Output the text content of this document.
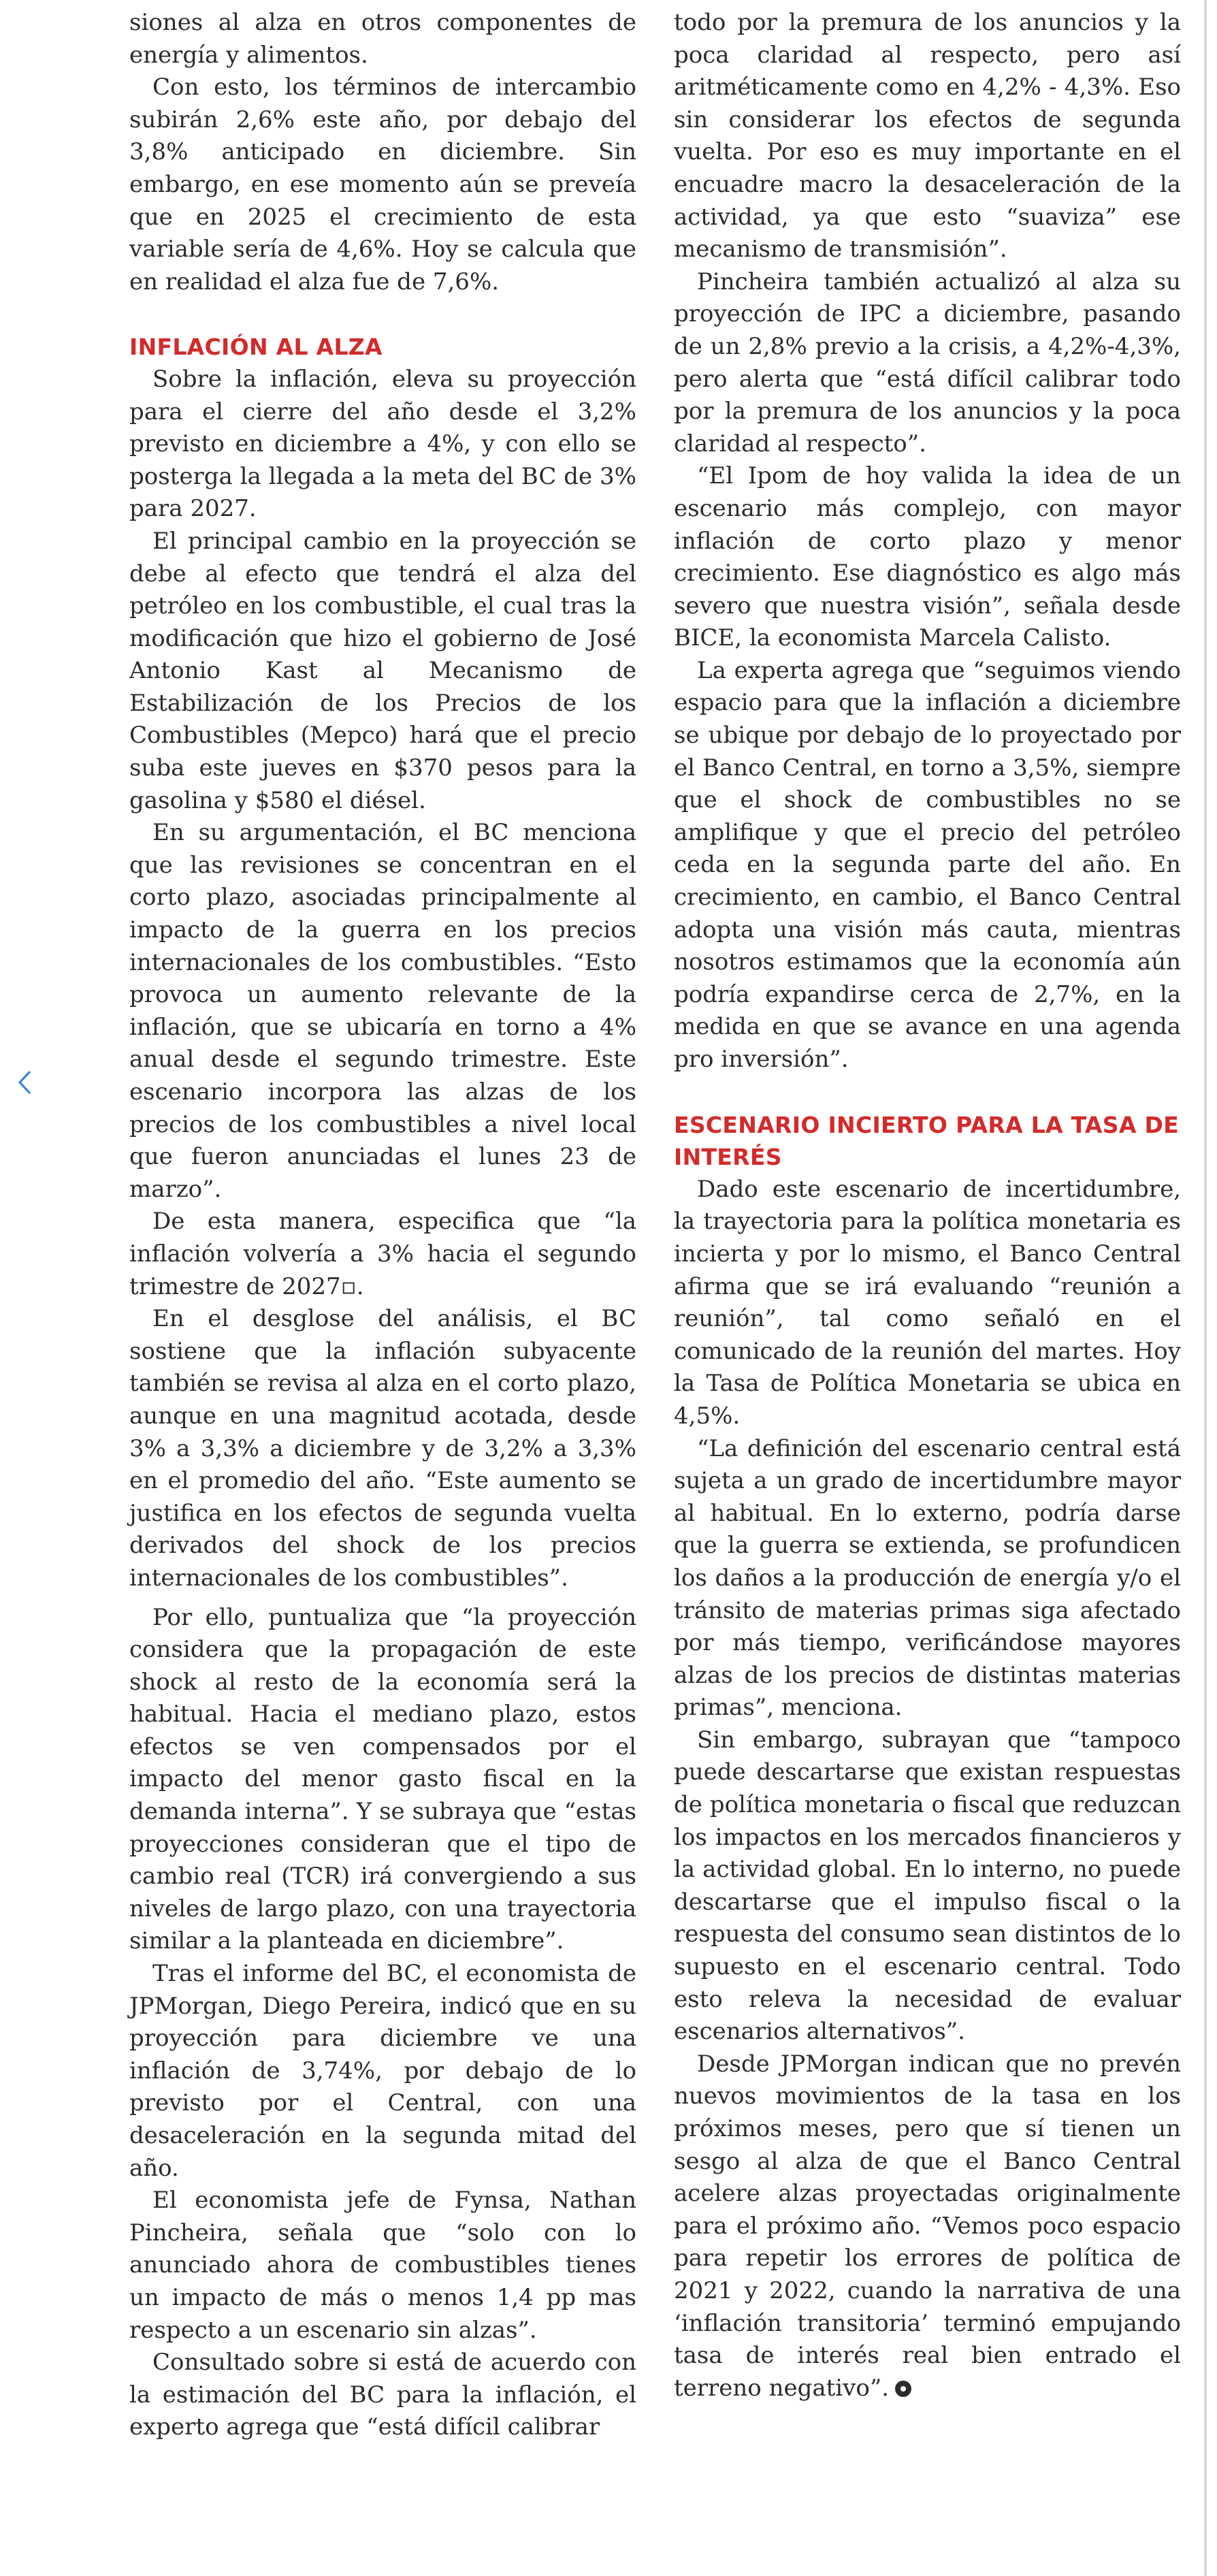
siones al alza en otros componentes de energía y alimentos.

Con esto, los términos de intercambio subirán 2,6% este año, por debajo del 3,8% anticipado en diciembre. Sin embargo, en ese momento aún se preveía que en 2025 el crecimiento de esta variable sería de 4,6%. Hoy se calcula que en realidad el alza fue de 7,6%.

INFLACIÓN AL ALZA

Sobre la inflación, eleva su proyección para el cierre del año desde el 3,2% previsto en diciembre a 4%, y con ello se posterga la llegada a la meta del BC de 3% para 2027.

El principal cambio en la proyección se debe al efecto que tendrá el alza del petróleo en los combustible, el cual tras la modificación que hizo el gobierno de José Antonio Kast al Mecanismo de Estabilización de los Precios de los Combustibles (Mepco) hará que el precio suba este jueves en $370 pesos para la gasolina y $580 el diésel.

En su argumentación, el BC menciona que las revisiones se concentran en el corto plazo, asociadas principalmente al impacto de la guerra en los precios internacionales de los combustibles. “Esto provoca un aumento relevante de la inflación, que se ubicaría en torno a 4% anual desde el segundo trimestre. Este escenario incorpora las alzas de los precios de los combustibles a nivel local que fueron anunciadas el lunes 23 de marzo”.

De esta manera, especifica que “la inflación volvería a 3% hacia el segundo trimestre de 2027▫.

En el desglose del análisis, el BC sostiene que la inflación subyacente también se revisa al alza en el corto plazo, aunque en una magnitud acotada, desde 3% a 3,3% a diciembre y de 3,2% a 3,3% en el promedio del año. “Este aumento se justifica en los efectos de segunda vuelta derivados del shock de los precios internacionales de los combustibles”.

Por ello, puntualiza que “la proyección considera que la propagación de este shock al resto de la economía será la habitual. Hacia el mediano plazo, estos efectos se ven compensados por el impacto del menor gasto fiscal en la demanda interna”. Y se subraya que “estas proyecciones consideran que el tipo de cambio real (TCR) irá convergiendo a sus niveles de largo plazo, con una trayectoria similar a la planteada en diciembre”.

Tras el informe del BC, el economista de JPMorgan, Diego Pereira, indicó que en su proyección para diciembre ve una inflación de 3,74%, por debajo de lo previsto por el Central, con una desaceleración en la segunda mitad del año.

El economista jefe de Fynsa, Nathan Pincheira, señala que “solo con lo anunciado ahora de combustibles tienes un impacto de más o menos 1,4 pp mas respecto a un escenario sin alzas”.

Consultado sobre si está de acuerdo con la estimación del BC para la inflación, el experto agrega que “está difícil calibrar

todo por la premura de los anuncios y la poca claridad al respecto, pero así aritméticamente como en 4,2% - 4,3%. Eso sin considerar los efectos de segunda vuelta. Por eso es muy importante en el encuadre macro la desaceleración de la actividad, ya que esto “suaviza” ese mecanismo de transmisión”.

Pincheira también actualizó al alza su proyección de IPC a diciembre, pasando de un 2,8% previo a la crisis, a 4,2%-4,3%, pero alerta que “está difícil calibrar todo por la premura de los anuncios y la poca claridad al respecto”.

“El Ipom de hoy valida la idea de un escenario más complejo, con mayor inflación de corto plazo y menor crecimiento. Ese diagnóstico es algo más severo que nuestra visión”, señala desde BICE, la economista Marcela Calisto.

La experta agrega que “seguimos viendo espacio para que la inflación a diciembre se ubique por debajo de lo proyectado por el Banco Central, en torno a 3,5%, siempre que el shock de combustibles no se amplifique y que el precio del petróleo ceda en la segunda parte del año. En crecimiento, en cambio, el Banco Central adopta una visión más cauta, mientras nosotros estimamos que la economía aún podría expandirse cerca de 2,7%, en la medida en que se avance en una agenda pro inversión”.

ESCENARIO INCIERTO PARA LA TASA DE INTERÉS

Dado este escenario de incertidumbre, la trayectoria para la política monetaria es incierta y por lo mismo, el Banco Central afirma que se irá evaluando “reunión a reunión”, tal como señaló en el comunicado de la reunión del martes. Hoy la Tasa de Política Monetaria se ubica en 4,5%.

“La definición del escenario central está sujeta a un grado de incertidumbre mayor al habitual. En lo externo, podría darse que la guerra se extienda, se profundicen los daños a la producción de energía y/o el tránsito de materias primas siga afectado por más tiempo, verificándose mayores alzas de los precios de distintas materias primas”, menciona.

Sin embargo, subrayan que “tampoco puede descartarse que existan respuestas de política monetaria o fiscal que reduzcan los impactos en los mercados financieros y la actividad global. En lo interno, no puede descartarse que el impulso fiscal o la respuesta del consumo sean distintos de lo supuesto en el escenario central. Todo esto releva la necesidad de evaluar escenarios alternativos”.

Desde JPMorgan indican que no prevén nuevos movimientos de la tasa en los próximos meses, pero que sí tienen un sesgo al alza de que el Banco Central acelere alzas proyectadas originalmente para el próximo año. “Vemos poco espacio para repetir los errores de política de 2021 y 2022, cuando la narrativa de una ‘inflación transitoria’ terminó empujando tasa de interés real bien entrado el terreno negativo”.
